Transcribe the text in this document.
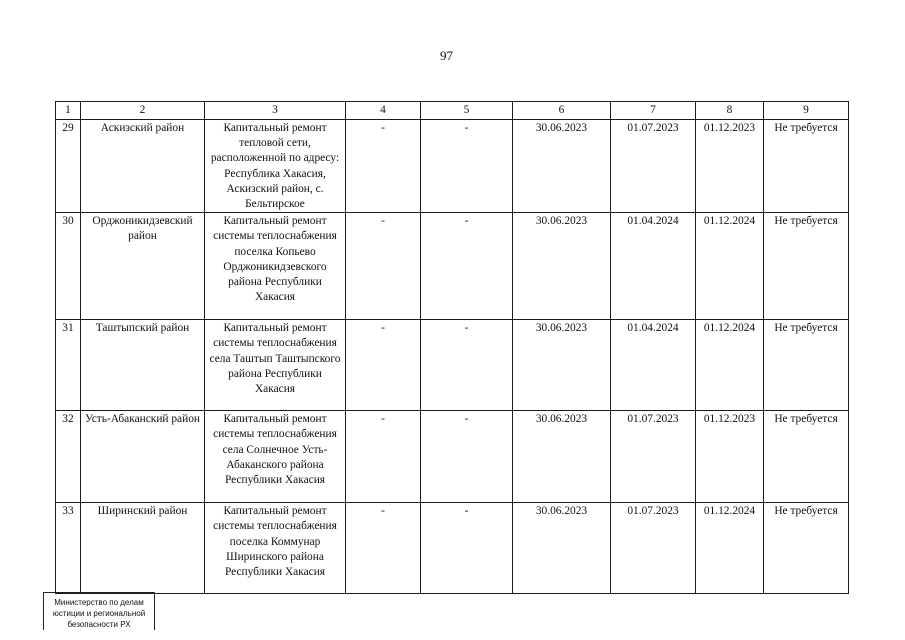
97
1	2	3	4	5	6	7	8	9
29	Аскизский район	Капитальный ремонт тепловой сети, расположенной по адресу: Республика Хакасия, Аскизский район, с. Бельтирское	-	-	30.06.2023	01.07.2023	01.12.2023	Не требуется
30	Орджоникидзевский район	Капитальный ремонт системы теплоснабжения поселка Копьево Орджоникидзевского района Республики Хакасия	-	-	30.06.2023	01.04.2024	01.12.2024	Не требуется
31	Таштыпский район	Капитальный ремонт системы теплоснабжения села Таштып Таштыпского района Республики Хакасия	-	-	30.06.2023	01.04.2024	01.12.2024	Не требуется
32	Усть-Абаканский район	Капитальный ремонт системы теплоснабжения села Солнечное Усть-Абаканского района Республики Хакасия	-	-	30.06.2023	01.07.2023	01.12.2023	Не требуется
33	Ширинский район	Капитальный ремонт системы теплоснабжения поселка Коммунар Ширинского района Республики Хакасия	-	-	30.06.2023	01.07.2023	01.12.2024	Не требуется
Министерство по делам
юстиции и региональной
безопасности РХ
